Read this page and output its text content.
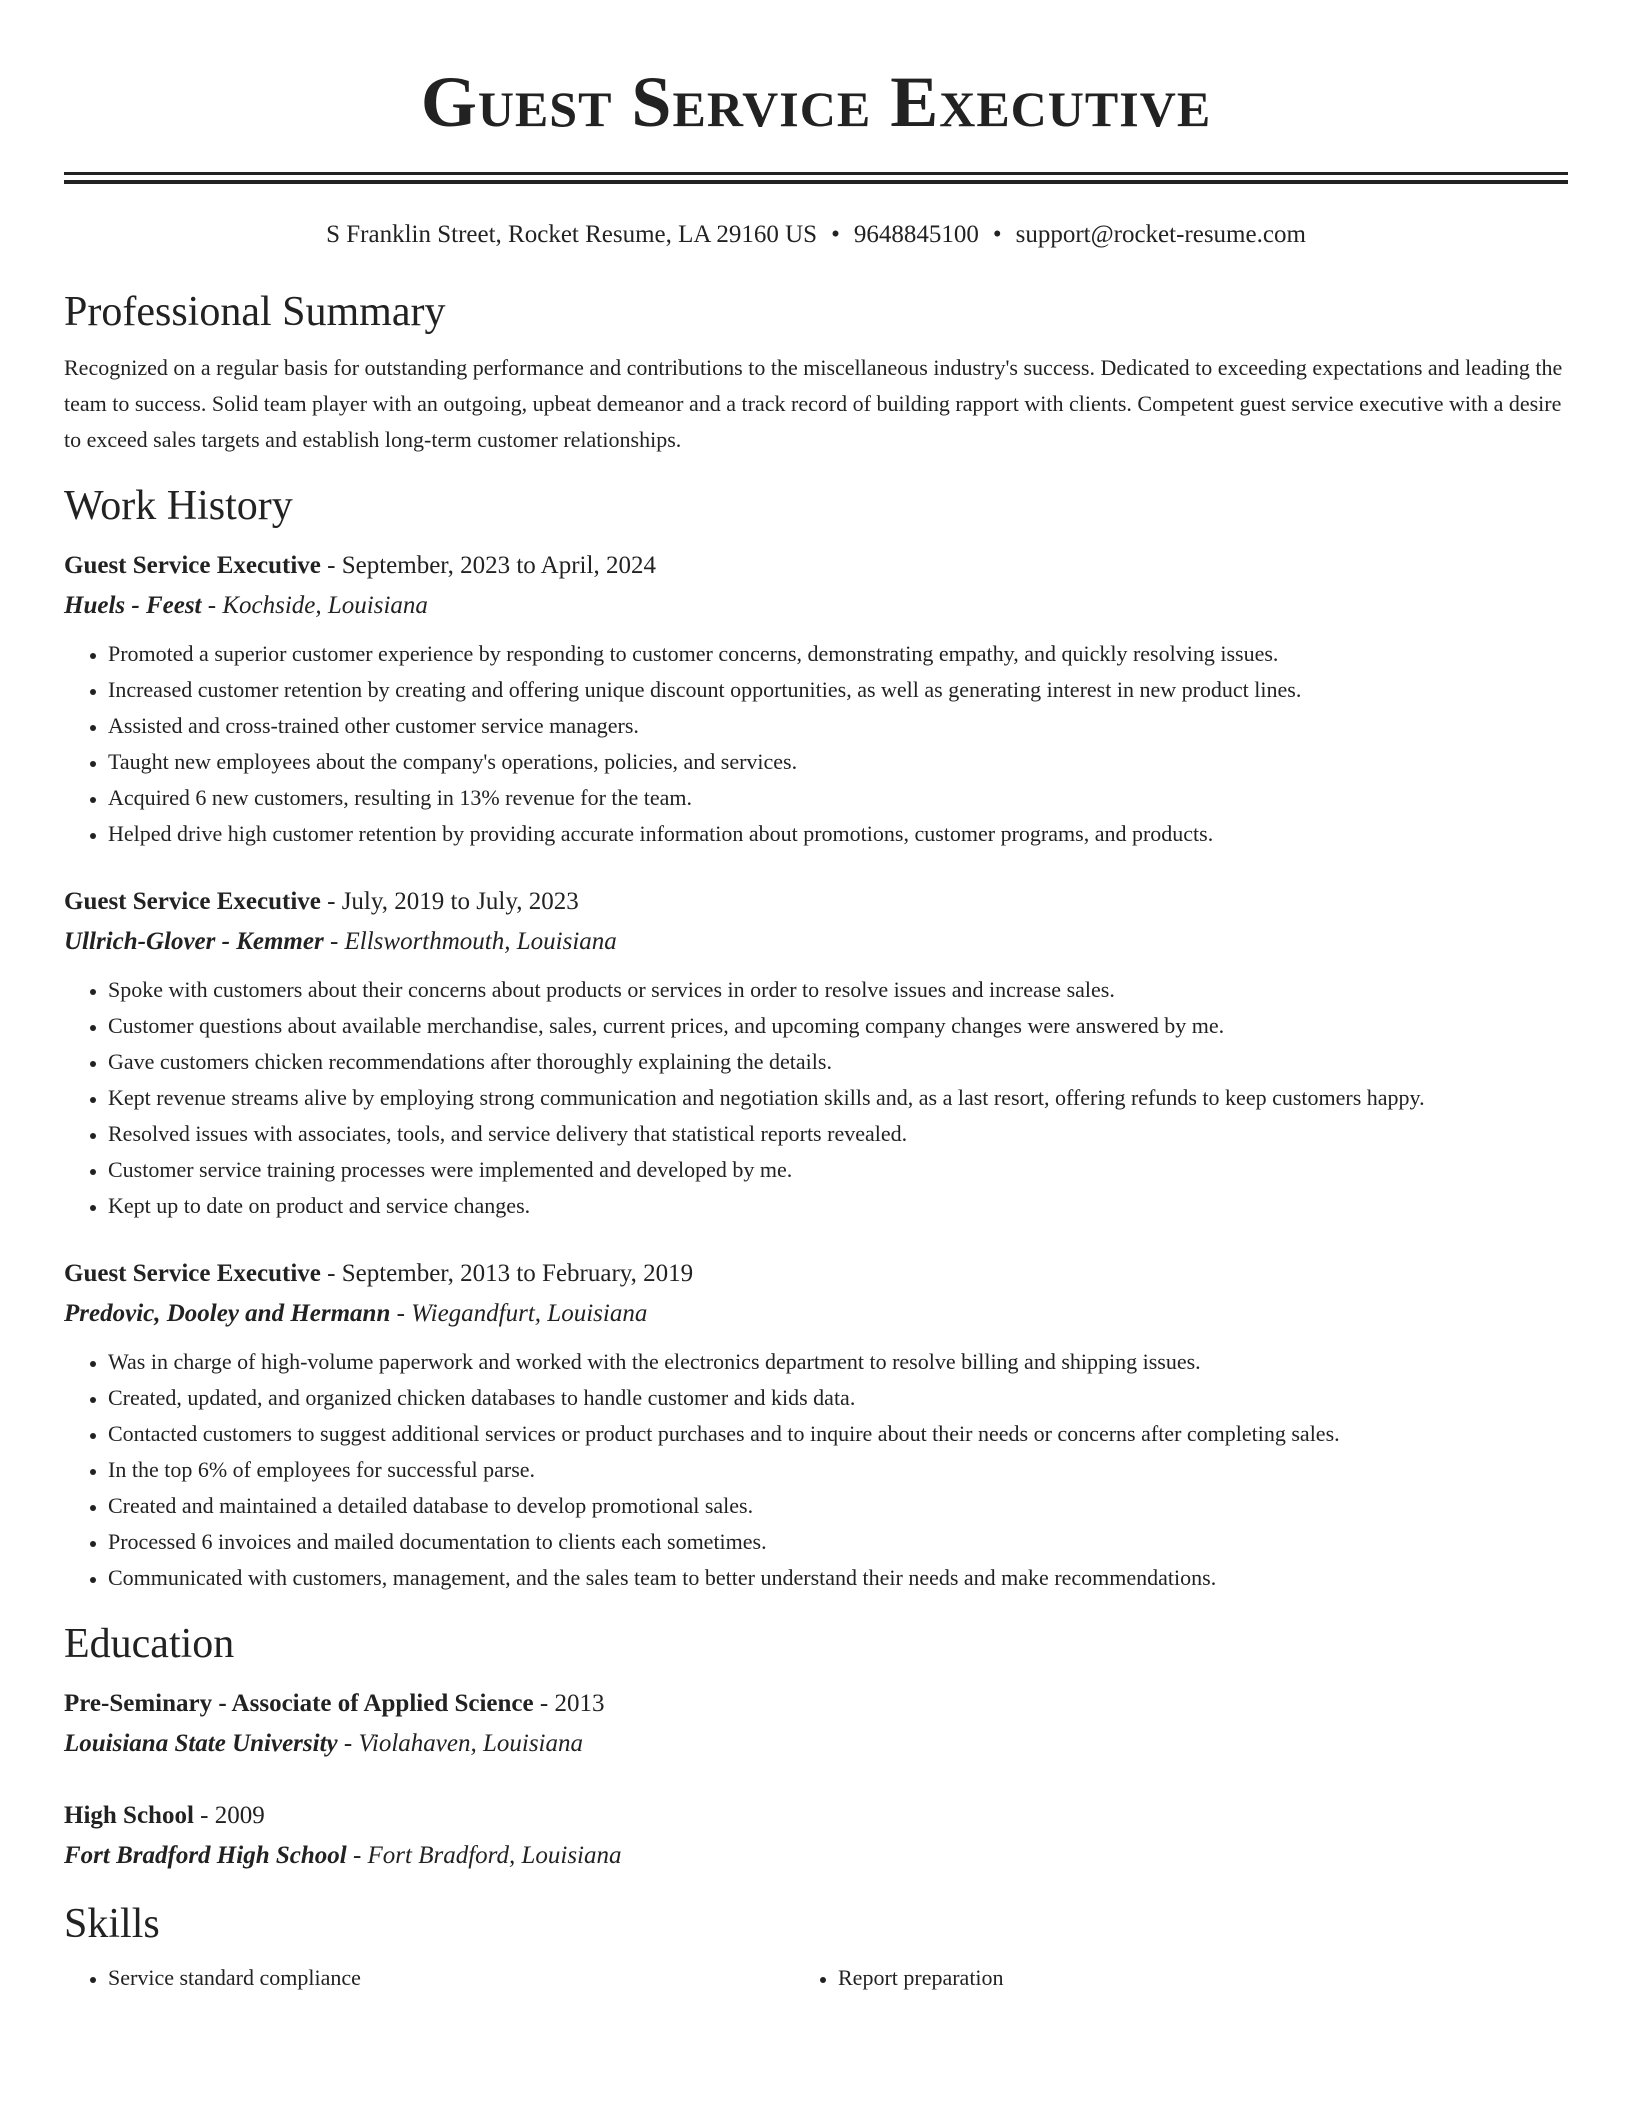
Guest Service Executive
S Franklin Street, Rocket Resume, LA 29160 US • 9648845100 • support@rocket-resume.com
Professional Summary
Recognized on a regular basis for outstanding performance and contributions to the miscellaneous industry's success. Dedicated to exceeding expectations and leading the team to success. Solid team player with an outgoing, upbeat demeanor and a track record of building rapport with clients. Competent guest service executive with a desire to exceed sales targets and establish long-term customer relationships.
Work History
Guest Service Executive - September, 2023 to April, 2024
Huels - Feest - Kochside, Louisiana
• Promoted a superior customer experience by responding to customer concerns, demonstrating empathy, and quickly resolving issues.
• Increased customer retention by creating and offering unique discount opportunities, as well as generating interest in new product lines.
• Assisted and cross-trained other customer service managers.
• Taught new employees about the company's operations, policies, and services.
• Acquired 6 new customers, resulting in 13% revenue for the team.
• Helped drive high customer retention by providing accurate information about promotions, customer programs, and products.
Guest Service Executive - July, 2019 to July, 2023
Ullrich-Glover - Kemmer - Ellsworthmouth, Louisiana
• Spoke with customers about their concerns about products or services in order to resolve issues and increase sales.
• Customer questions about available merchandise, sales, current prices, and upcoming company changes were answered by me.
• Gave customers chicken recommendations after thoroughly explaining the details.
• Kept revenue streams alive by employing strong communication and negotiation skills and, as a last resort, offering refunds to keep customers happy.
• Resolved issues with associates, tools, and service delivery that statistical reports revealed.
• Customer service training processes were implemented and developed by me.
• Kept up to date on product and service changes.
Guest Service Executive - September, 2013 to February, 2019
Predovic, Dooley and Hermann - Wiegandfurt, Louisiana
• Was in charge of high-volume paperwork and worked with the electronics department to resolve billing and shipping issues.
• Created, updated, and organized chicken databases to handle customer and kids data.
• Contacted customers to suggest additional services or product purchases and to inquire about their needs or concerns after completing sales.
• In the top 6% of employees for successful parse.
• Created and maintained a detailed database to develop promotional sales.
• Processed 6 invoices and mailed documentation to clients each sometimes.
• Communicated with customers, management, and the sales team to better understand their needs and make recommendations.
Education
Pre-Seminary - Associate of Applied Science - 2013
Louisiana State University - Violahaven, Louisiana
High School - 2009
Fort Bradford High School - Fort Bradford, Louisiana
Skills
• Service standard compliance
•	Report preparation
